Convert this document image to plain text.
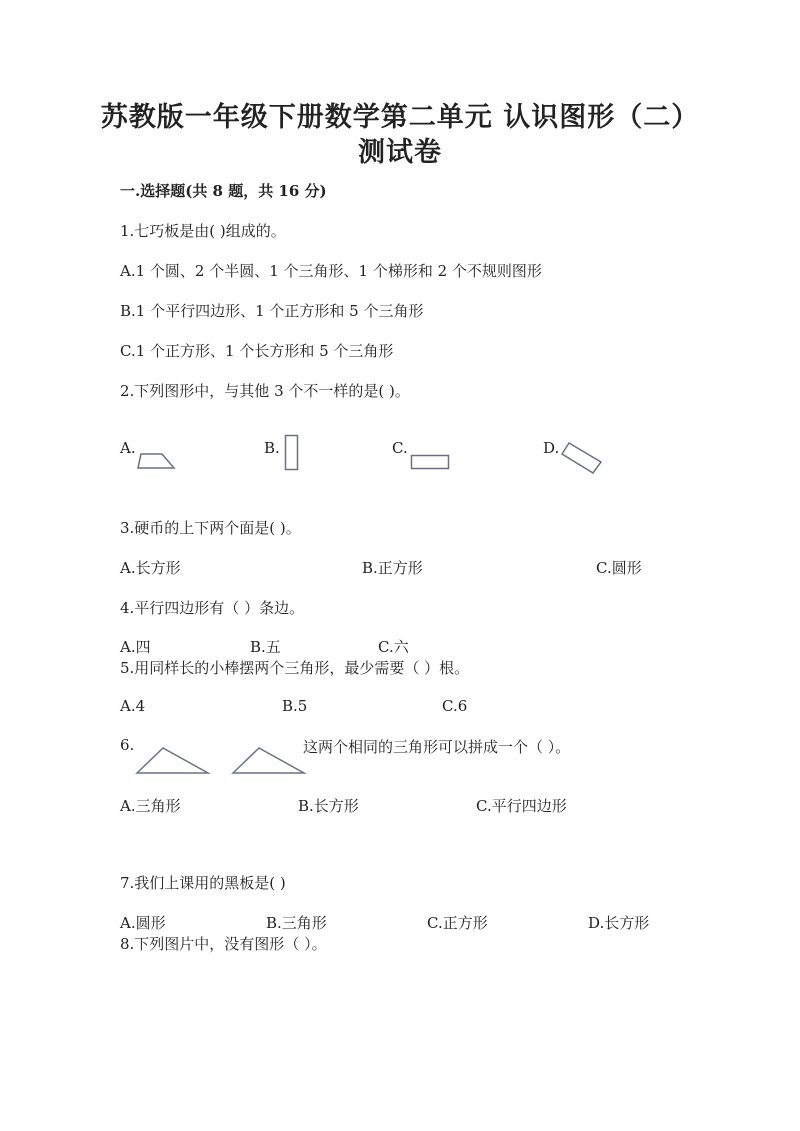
苏教版一年级下册数学第二单元 认识图形（二）
测试卷
一.选择题(共 8 题，共 16 分)
1.七巧板是由( )组成的。
A.1 个圆、2 个半圆、1 个三角形、1 个梯形和 2 个不规则图形
B.1 个平行四边形、1 个正方形和 5 个三角形
C.1 个正方形、1 个长方形和 5 个三角形
2.下列图形中，与其他 3 个不一样的是( )。
A.	B.	C.	D.
3.硬币的上下两个面是( )。
A.长方形	B.正方形	C.圆形
4.平行四边形有（ ）条边。
A.四	B.五	C.六
5.用同样长的小棒摆两个三角形，最少需要（ ）根。
A.4	B.5	C.6
6.	这两个相同的三角形可以拼成一个（ ）。
A.三角形	B.长方形	C.平行四边形
7.我们上课用的黑板是( )
A.圆形	B.三角形	C.正方形	D.长方形
8.下列图片中，没有图形（ ）。
